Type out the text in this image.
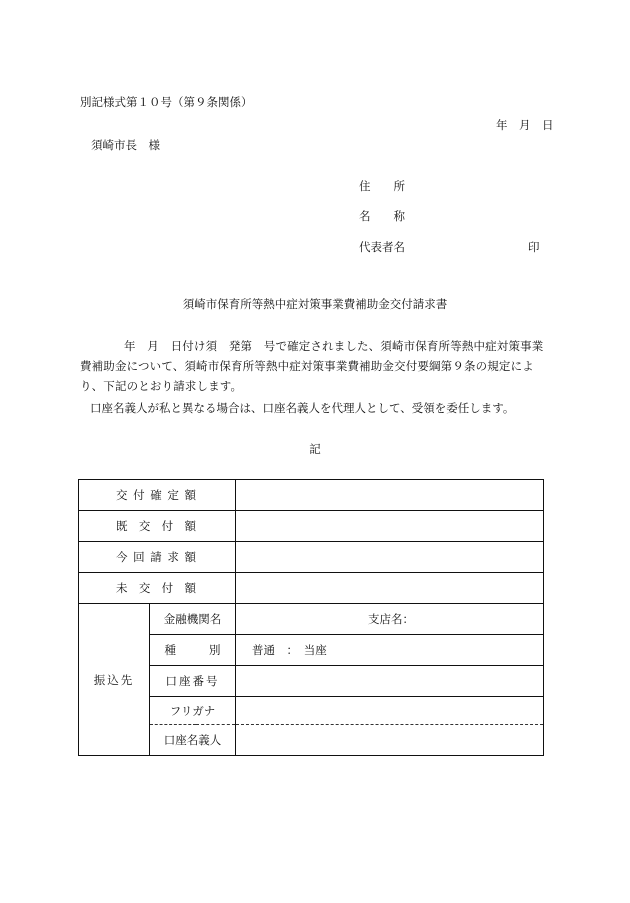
別記様式第１０号（第９条関係）
年　月　日
須崎市長　様
住　　所
名　　称
代表者名	印
須崎市保育所等熱中症対策事業費補助金交付請求書
年　月　日付け須　発第　号で確定されました、須崎市保育所等熱中症対策事業費補助金について、須崎市保育所等熱中症対策事業費補助金交付要綱第９条の規定により、下記のとおり請求します。
口座名義人が私と異なる場合は、口座名義人を代理人として、受領を委任します。
記
交付確定額		
既交付額		
今回請求額		
未交付額		
振込先	金融機関名	支店名：
	種別	普通　：　当座
	口座番号	
	フリガナ	
	口座名義人	
